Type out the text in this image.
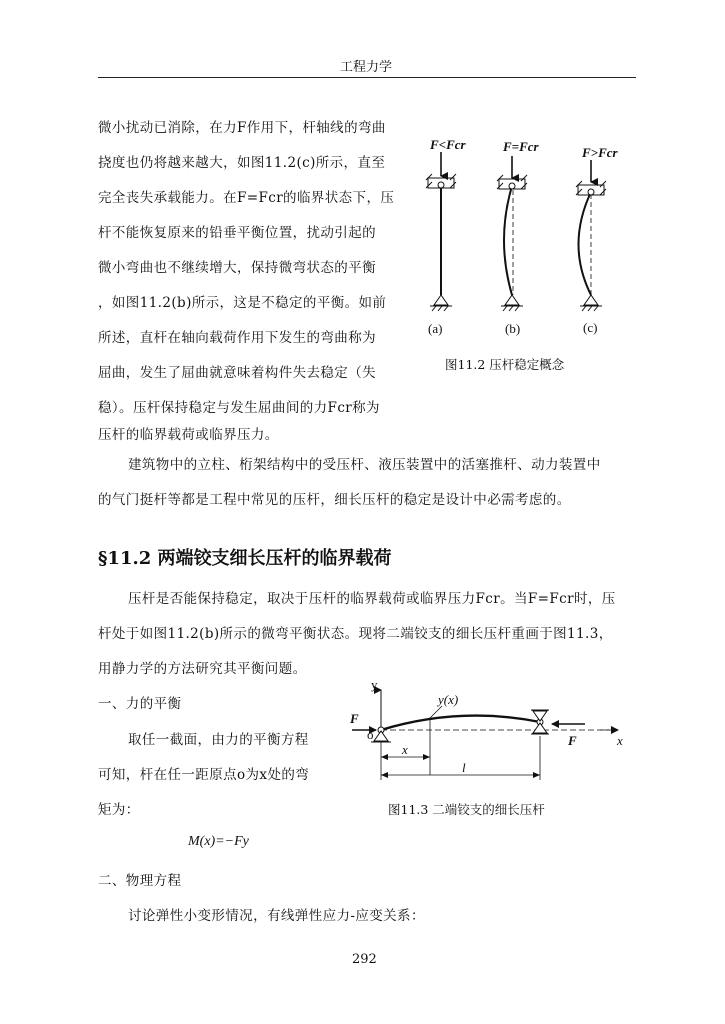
工程力学
微小扰动已消除，在力F作用下，杆轴线的弯曲
挠度也仍将越来越大，如图11.2(c)所示，直至
完全丧失承载能力。在F=Fcr的临界状态下，压
杆不能恢复原来的铅垂平衡位置，扰动引起的
微小弯曲也不继续增大，保持微弯状态的平衡
，如图11.2(b)所示，这是不稳定的平衡。如前
所述，直杆在轴向载荷作用下发生的弯曲称为
屈曲，发生了屈曲就意味着构件失去稳定（失
稳）。压杆保持稳定与发生屈曲间的力Fcr称为
压杆的临界载荷或临界压力。
F<Fcr	F=Fcr	F>Fcr
(a)	(b)	(c)
图11.2 压杆稳定概念
建筑物中的立柱、桁架结构中的受压杆、液压装置中的活塞推杆、动力装置中
的气门挺杆等都是工程中常见的压杆，细长压杆的稳定是设计中必需考虑的。
§11.2 两端铰支细长压杆的临界载荷
压杆是否能保持稳定，取决于压杆的临界载荷或临界压力Fcr。当F=Fcr时，压
杆处于如图11.2(b)所示的微弯平衡状态。现将二端铰支的细长压杆重画于图11.3，
用静力学的方法研究其平衡问题。
一、力的平衡
取任一截面，由力的平衡方程
可知，杆在任一距原点o为x处的弯
矩为：
y
y(x)
F
o	F	x
x
l
图11.3 二端铰支的细长压杆
M(x)=−Fy
二、物理方程
讨论弹性小变形情况，有线弹性应力-应变关系：
292
